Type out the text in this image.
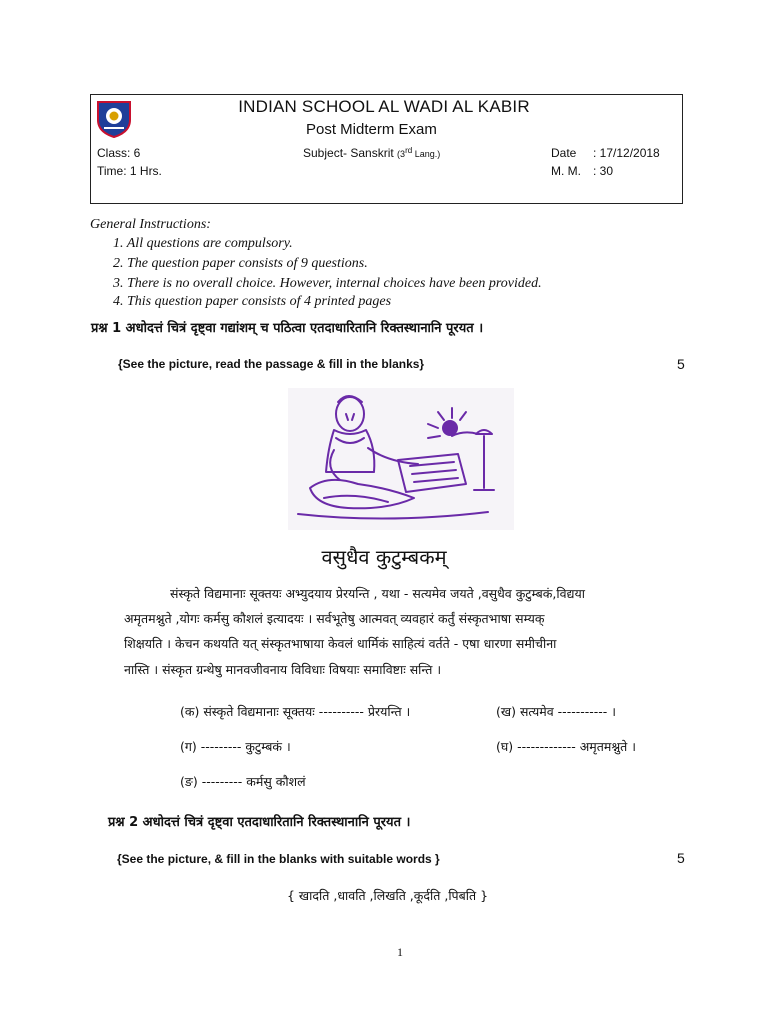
INDIAN SCHOOL AL WADI AL KABIR
Post Midterm Exam
Class: 6
Time: 1 Hrs.
Subject- Sanskrit (3rd Lang.)	Date : 17/12/2018
M. M. : 30
General Instructions:
1. All questions are compulsory.
2. The question paper consists of 9 questions.
3. There is no overall choice. However, internal choices have been provided.
4. This question paper consists of 4 printed pages
प्रश्न 1 अधोदत्तं चित्रं दृष्ट्वा गद्यांशम् च पठित्वा एतदाधारितानि रिक्तस्थानानि पूरयत ।
{See the picture, read the passage & fill in the blanks}	5
वसुधैव कुटुम्बकम्
संस्कृते विद्यमानाः सूक्तयः अभ्युदयाय प्रेरयन्ति , यथा - सत्यमेव जयते ,वसुधैव कुटुम्बकं,विद्यया
अमृतमश्नुते ,योगः कर्मसु कौशलं इत्यादयः । सर्वभूतेषु आत्मवत् व्यवहारं कर्तुं संस्कृतभाषा सम्यक्
शिक्षयति । केचन कथयति यत् संस्कृतभाषाया केवलं धार्मिकं साहित्यं वर्तते - एषा धारणा समीचीना
नास्ति । संस्कृत ग्रन्थेषु मानवजीवनाय विविधाः विषयाः समाविष्टाः सन्ति ।
(क) संस्कृते विद्यमानाः सूक्तयः ---------- प्रेरयन्ति ।	(ख) सत्यमेव ----------- ।
(ग) --------- कुटुम्बकं ।	(घ) ------------- अमृतमश्नुते ।
(ङ) --------- कर्मसु कौशलं
प्रश्न 2 अधोदत्तं चित्रं दृष्ट्वा एतदाधारितानि रिक्तस्थानानि पूरयत ।
{See the picture, & fill in the blanks with suitable words }	5
{ खादति ,धावति ,लिखति ,कूर्दति ,पिबति }
1
